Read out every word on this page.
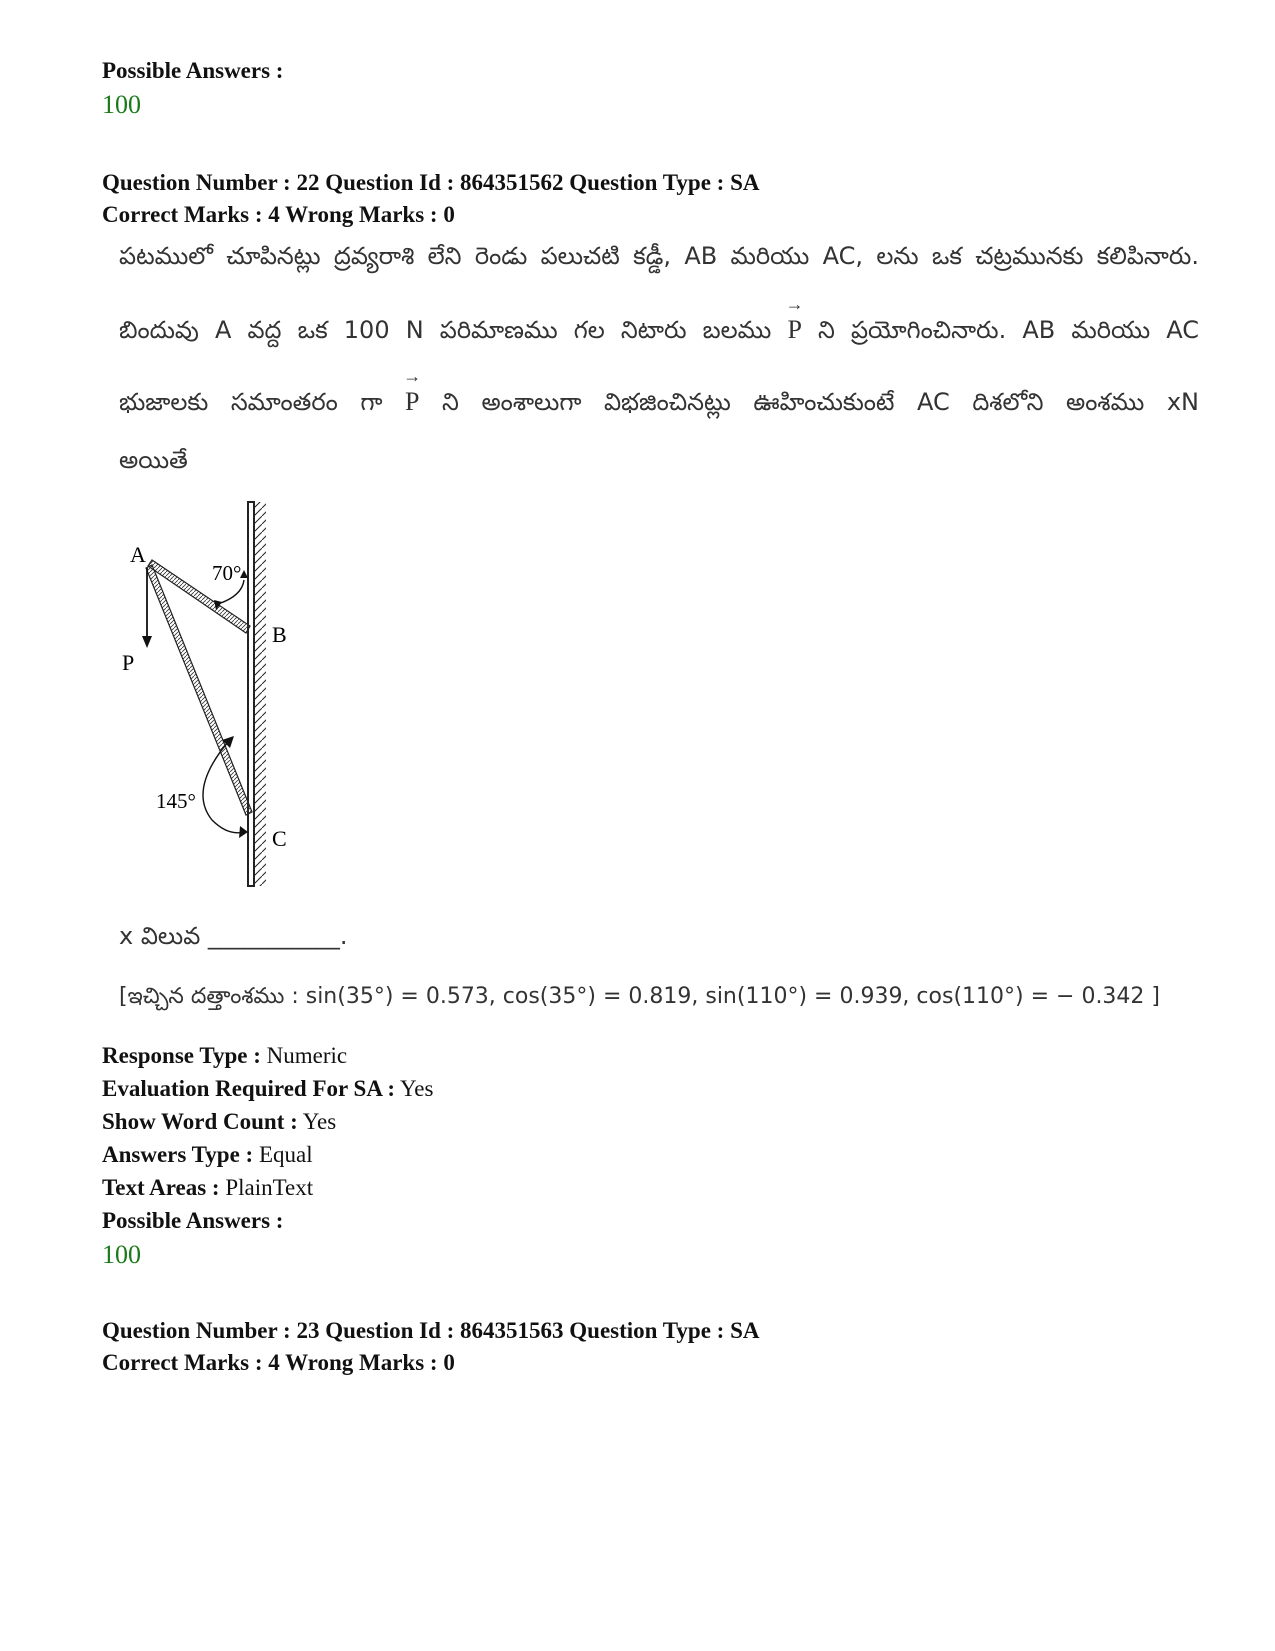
Possible Answers :
100
Question Number : 22 Question Id : 864351562 Question Type : SA
Correct Marks : 4 Wrong Marks : 0
పటములో చూపినట్లు ద్రవ్యరాశి లేని రెండు పలుచటి కడ్డీ, AB మరియు AC, లను ఒక చట్రమునకు కలిపినారు.
బిందువు A వద్ద ఒక 100 N పరిమాణము గల నిటారు బలము → P ని ప్రయోగించినారు. AB మరియు AC
భుజాలకు సమాంతరం గా → P ని అంశాలుగా విభజించినట్లు ఊహించుకుంటే AC దిశలోని అంశము xN
అయితే
A
B
C
P
70°
145°
x విలువ ___________.
[ఇచ్చిన దత్తాంశము : sin(35°) = 0.573, cos(35°) = 0.819, sin(110°) = 0.939, cos(110°) = − 0.342 ]
Response Type : Numeric
Evaluation Required For SA : Yes
Show Word Count : Yes
Answers Type : Equal
Text Areas : PlainText
Possible Answers :
100
Question Number : 23 Question Id : 864351563 Question Type : SA
Correct Marks : 4 Wrong Marks : 0
